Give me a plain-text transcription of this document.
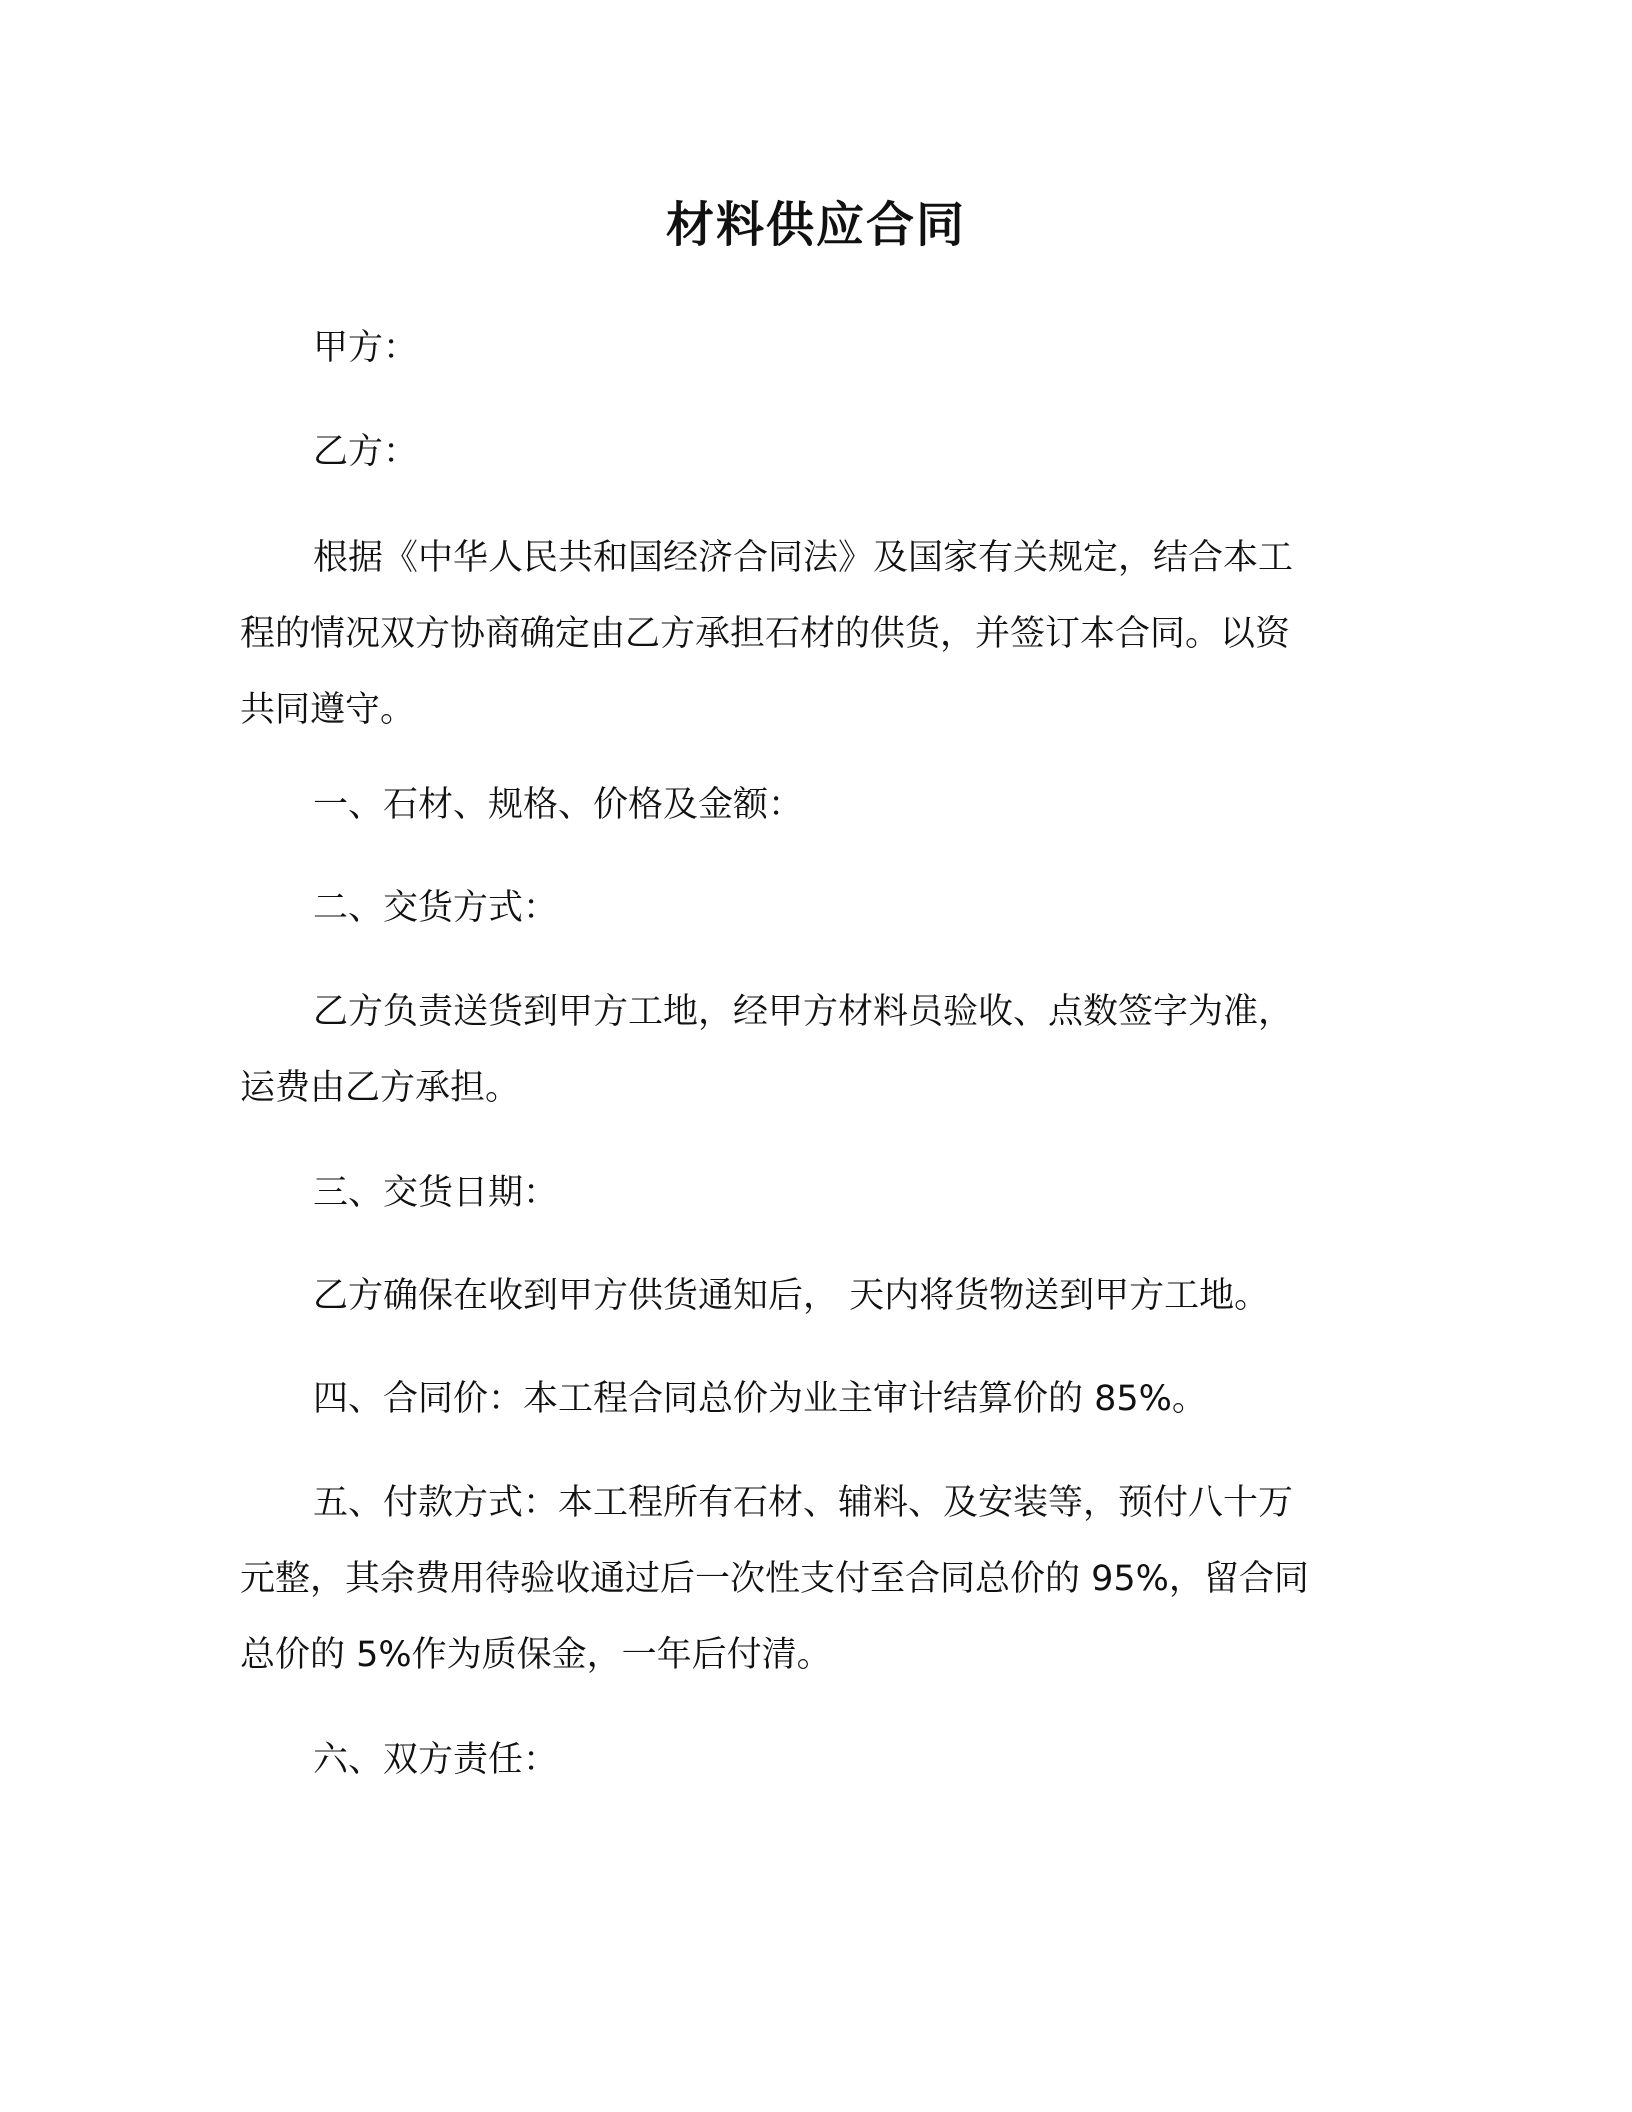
材料供应合同
甲方：
乙方：
根据《中华人民共和国经济合同法》及国家有关规定，结合本工
程的情况双方协商确定由乙方承担石材的供货，并签订本合同。以资
共同遵守。
一、石材、规格、价格及金额：
二、交货方式：
乙方负责送货到甲方工地，经甲方材料员验收、点数签字为准，
运费由乙方承担。
三、交货日期：
乙方确保在收到甲方供货通知后， 天内将货物送到甲方工地。
四、合同价：本工程合同总价为业主审计结算价的 85%。
五、付款方式：本工程所有石材、辅料、及安装等，预付八十万
元整，其余费用待验收通过后一次性支付至合同总价的 95%，留合同
总价的 5%作为质保金，一年后付清。
六、双方责任：
